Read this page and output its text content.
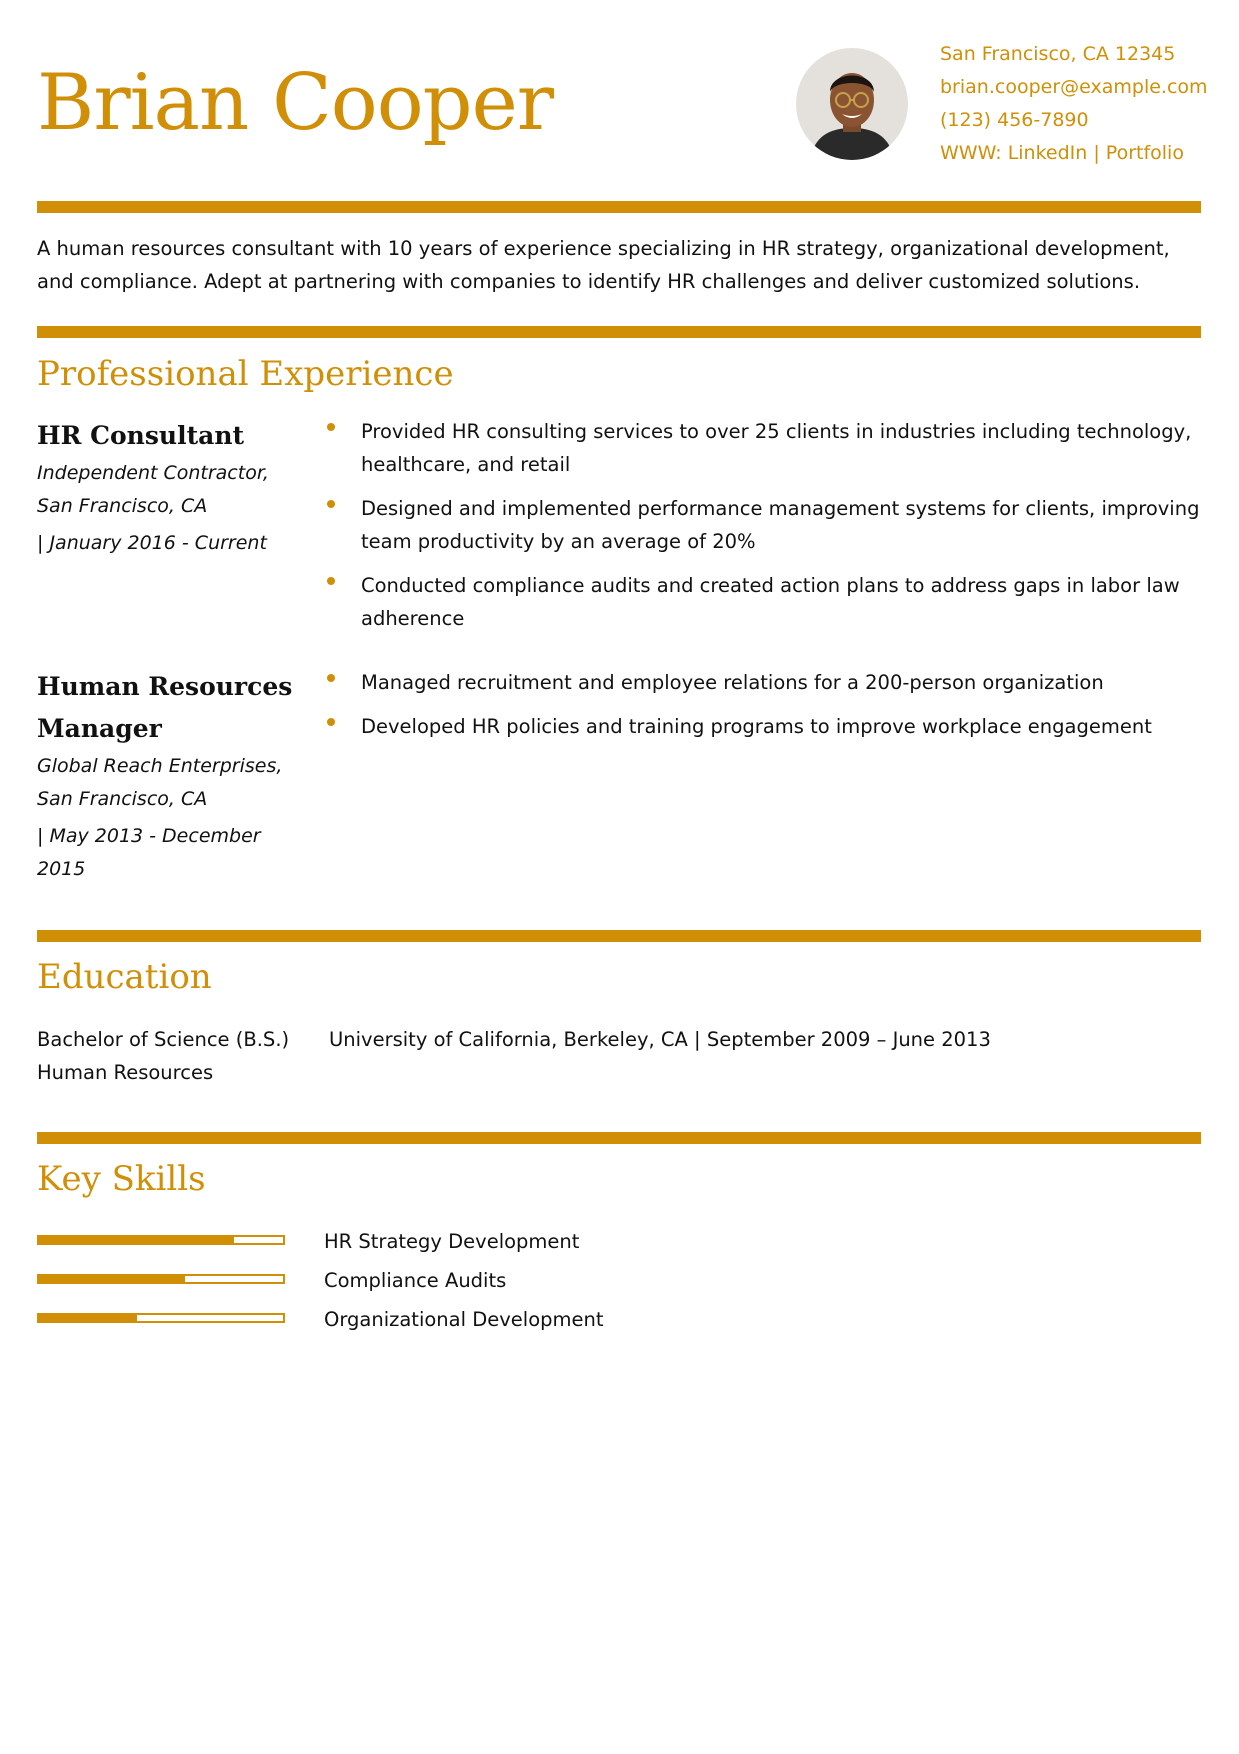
Brian Cooper
San Francisco, CA 12345
brian.cooper@example.com
(123) 456-7890
WWW: LinkedIn | Portfolio

A human resources consultant with 10 years of experience specializing in HR strategy, organizational development, and compliance. Adept at partnering with companies to identify HR challenges and deliver customized solutions.

Professional Experience
HR Consultant
Independent Contractor, San Francisco, CA
| January 2016 - Current
Provided HR consulting services to over 25 clients in industries including technology, healthcare, and retail
Designed and implemented performance management systems for clients, improving team productivity by an average of 20%
Conducted compliance audits and created action plans to address gaps in labor law adherence
Human Resources Manager
Global Reach Enterprises, San Francisco, CA
| May 2013 - December 2015
Managed recruitment and employee relations for a 200-person organization
Developed HR policies and training programs to improve workplace engagement
Education
Bachelor of Science (B.S.) Human Resources
University of California, Berkeley, CA | September 2009 – June 2013
Key Skills
HR Strategy Development
Compliance Audits
Organizational Development
